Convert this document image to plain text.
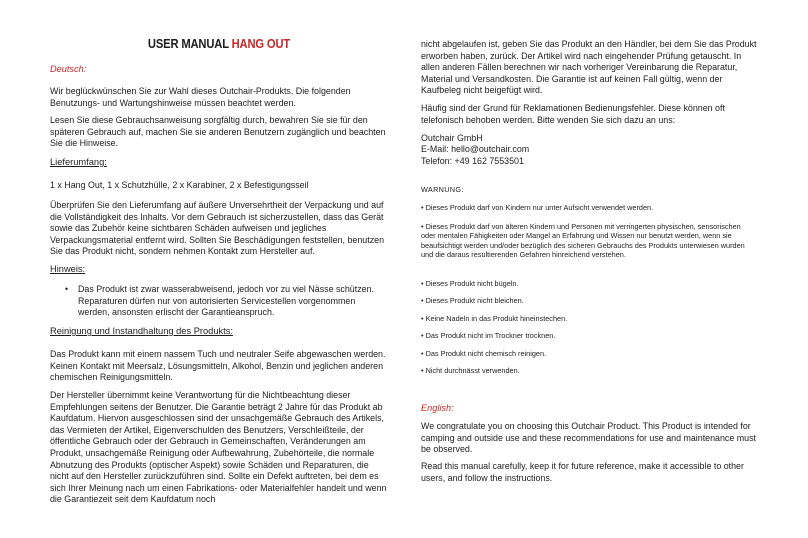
USER MANUAL HANG OUT

Deutsch:

Wir beglückwünschen Sie zur Wahl dieses Outchair-Produkts. Die folgenden Benutzungs- und Wartungshinweise müssen beachtet werden.

Lesen Sie diese Gebrauchsanweisung sorgfältig durch, bewahren Sie sie für den späteren Gebrauch auf, machen Sie sie anderen Benutzern zugänglich und beachten Sie die Hinweise.

Lieferumfang:

1 x Hang Out, 1 x Schutzhülle, 2 x Karabiner, 2 x Befestigungsseil

Überprüfen Sie den Lieferumfang auf äußere Unversehrtheit der Verpackung und auf die Vollständigkeit des Inhalts. Vor dem Gebrauch ist sicherzustellen, dass das Gerät sowie das Zubehör keine sichtbaren Schäden aufweisen und jegliches Verpackungsmaterial entfernt wird. Sollten Sie Beschädigungen feststellen, benutzen Sie das Produkt nicht, sondern nehmen Kontakt zum Hersteller auf.

Hinweis:

• Das Produkt ist zwar wasserabweisend, jedoch vor zu viel Nässe schützen. Reparaturen dürfen nur von autorisierten Servicestellen vorgenommen werden, ansonsten erlischt der Garantieanspruch.

Reinigung und Instandhaltung des Produkts:

Das Produkt kann mit einem nassem Tuch und neutraler Seife abgewaschen werden. Keinen Kontakt mit Meersalz, Lösungsmitteln, Alkohol, Benzin und jeglichen anderen chemischen Reinigungsmitteln.

Der Hersteller übernimmt keine Verantwortung für die Nichtbeachtung dieser Empfehlungen seitens der Benutzer. Die Garantie beträgt 2 Jahre für das Produkt ab Kaufdatum. Hiervon ausgeschlossen sind der unsachgemäße Gebrauch des Artikels, das Vermieten der Artikel, Eigenverschulden des Benutzers, Verschleißteile, der öffentliche Gebrauch oder der Gebrauch in Gemeinschaften, Veränderungen am Produkt, unsachgemäße Reinigung oder Aufbewahrung, Zubehörteile, die normale Abnutzung des Produkts (optischer Aspekt) sowie Schäden und Reparaturen, die nicht auf den Hersteller zurückzuführen sind. Sollte ein Defekt auftreten, bei dem es sich Ihrer Meinung nach um einen Fabrikations- oder Materialfehler handelt und wenn die Garantiezeit seit dem Kaufdatum noch

nicht abgelaufen ist, geben Sie das Produkt an den Händler, bei dem Sie das Produkt erworben haben, zurück. Der Artikel wird nach eingehender Prüfung getauscht. In allen anderen Fällen berechnen wir nach vorheriger Vereinbarung die Reparatur, Material und Versandkosten. Die Garantie ist auf keinen Fall gültig, wenn der Kaufbeleg nicht beigefügt wird.

Häufig sind der Grund für Reklamationen Bedienungsfehler. Diese können oft telefonisch behoben werden. Bitte wenden Sie sich dazu an uns:

Outchair GmbH

E-Mail: hello@outchair.com

Telefon: +49 162 7553501

WARNUNG:

• Dieses Produkt darf von Kindern nur unter Aufsicht verwendet werden.

• Dieses Produkt darf von älteren Kindern und Personen mit verringerten physischen, sensorischen oder mentalen Fähigkeiten oder Mangel an Erfahrung und Wissen nur benutzt werden, wenn sie beaufsichtigt werden und/oder bezüglich des sicheren Gebrauchs des Produkts unterwiesen wurden und die daraus resultierenden Gefahren hinreichend verstehen.

• Dieses Produkt nicht bügeln.

• Dieses Produkt nicht bleichen.

• Keine Nadeln in das Produkt hineinstechen.

• Das Produkt nicht im Trockner trocknen.

• Das Produkt nicht chemisch reinigen.

• Nicht durchnässt verwenden.

English:

We congratulate you on choosing this Outchair Product. This Product is intended for camping and outside use and these recommendations for use and maintenance must be observed.

Read this manual carefully, keep it for future reference, make it accessible to other users, and follow the instructions.
